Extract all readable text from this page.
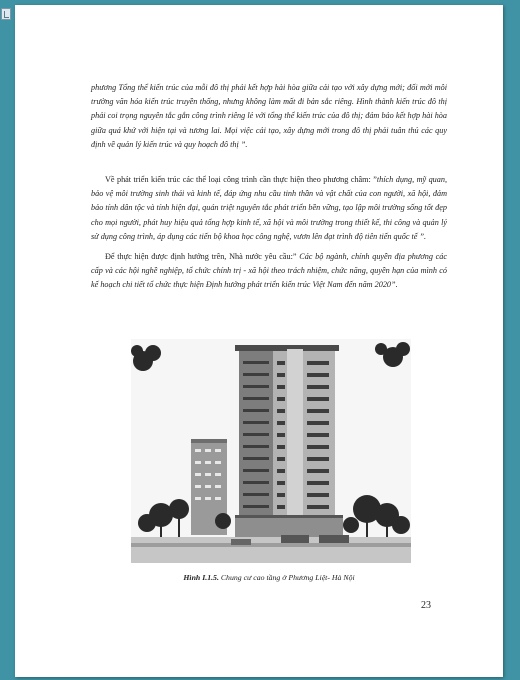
phương Tổng thể kiến trúc của mỗi đô thị phải kết hợp hài hòa giữa cải tạo với xây dựng mới; đối mới môi trường văn hóa kiến trúc truyền thống, nhưng không làm mất đi bản sắc riêng. Hình thành kiến trúc đô thị phải coi trọng nguyên tắc gắn công trình riêng lẻ với tổng thể kiến trúc của đô thị; đảm bảo kết hợp hài hòa giữa quá khứ với hiện tại và tương lai. Mọi việc cải tạo, xây dựng mới trong đô thị phải tuân thủ các quy định về quản lý kiến trúc và quy hoạch đô thị ”.
Về phát triển kiến trúc các thể loại công trình cần thực hiện theo phương châm: ”thích dụng, mỹ quan, bảo vệ môi trường sinh thái và kinh tế, đáp ứng nhu cầu tinh thần và vật chất của con người, xã hội, đảm bảo tính dân tộc và tính hiện đại, quán triệt nguyên tắc phát triển bền vững, tạo lập môi trường sống tốt đẹp cho mọi người, phát huy hiệu quả tổng hợp kinh tế, xã hội và môi trường trong thiết kế, thi công và quản lý sử dụng công trình, áp dụng các tiến bộ khoa học công nghệ, vươn lên đạt trình độ tiên tiến quốc tế ”.
Để thực hiện được định hướng trên, Nhà nước yêu cầu:” Các bộ ngành, chính quyền địa phương các cấp và các hội nghề nghiệp, tổ chức chính trị - xã hội theo trách nhiệm, chức năng, quyền hạn của mình có kế hoạch chi tiết tổ chức thực hiện Định hướng phát triển kiến trúc Việt Nam đến năm 2020”.
Hình I.1.5. Chung cư cao tầng ở Phương Liệt- Hà Nội
23
